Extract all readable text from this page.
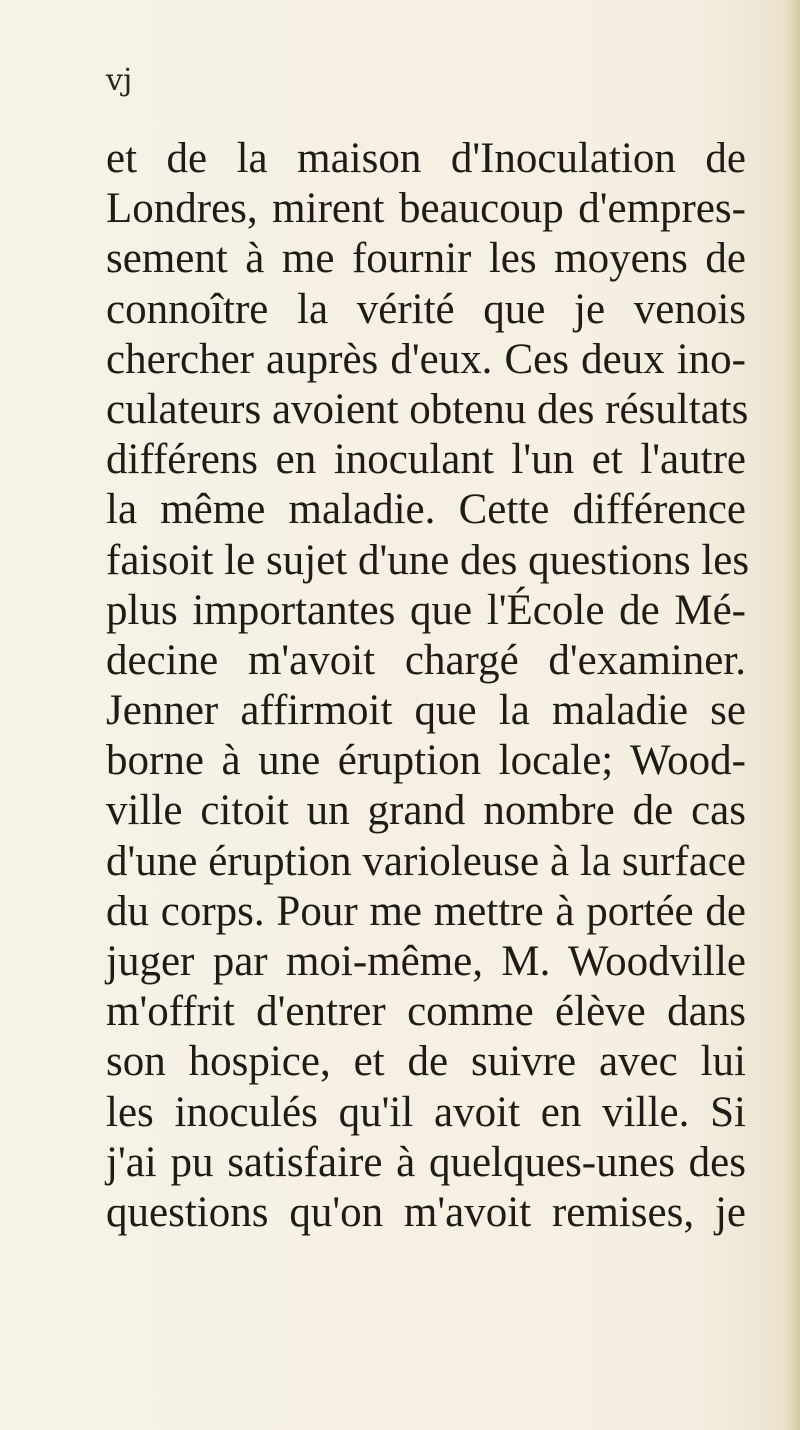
vj
et de la maison d'Inoculation de
Londres, mirent beaucoup d'empres-
sement à me fournir les moyens de
connoître la vérité que je venois
chercher auprès d'eux. Ces deux ino-
culateurs avoient obtenu des résultats
différens en inoculant l'un et l'autre
la même maladie. Cette différence
faisoit le sujet d'une des questions les
plus importantes que l'École de Mé-
decine m'avoit chargé d'examiner.
Jenner affirmoit que la maladie se
borne à une éruption locale; Wood-
ville citoit un grand nombre de cas
d'une éruption varioleuse à la surface
du corps. Pour me mettre à portée de
juger par moi-même, M. Woodville
m'offrit d'entrer comme élève dans
son hospice, et de suivre avec lui
les inoculés qu'il avoit en ville. Si
j'ai pu satisfaire à quelques-unes des
questions qu'on m'avoit remises, je
